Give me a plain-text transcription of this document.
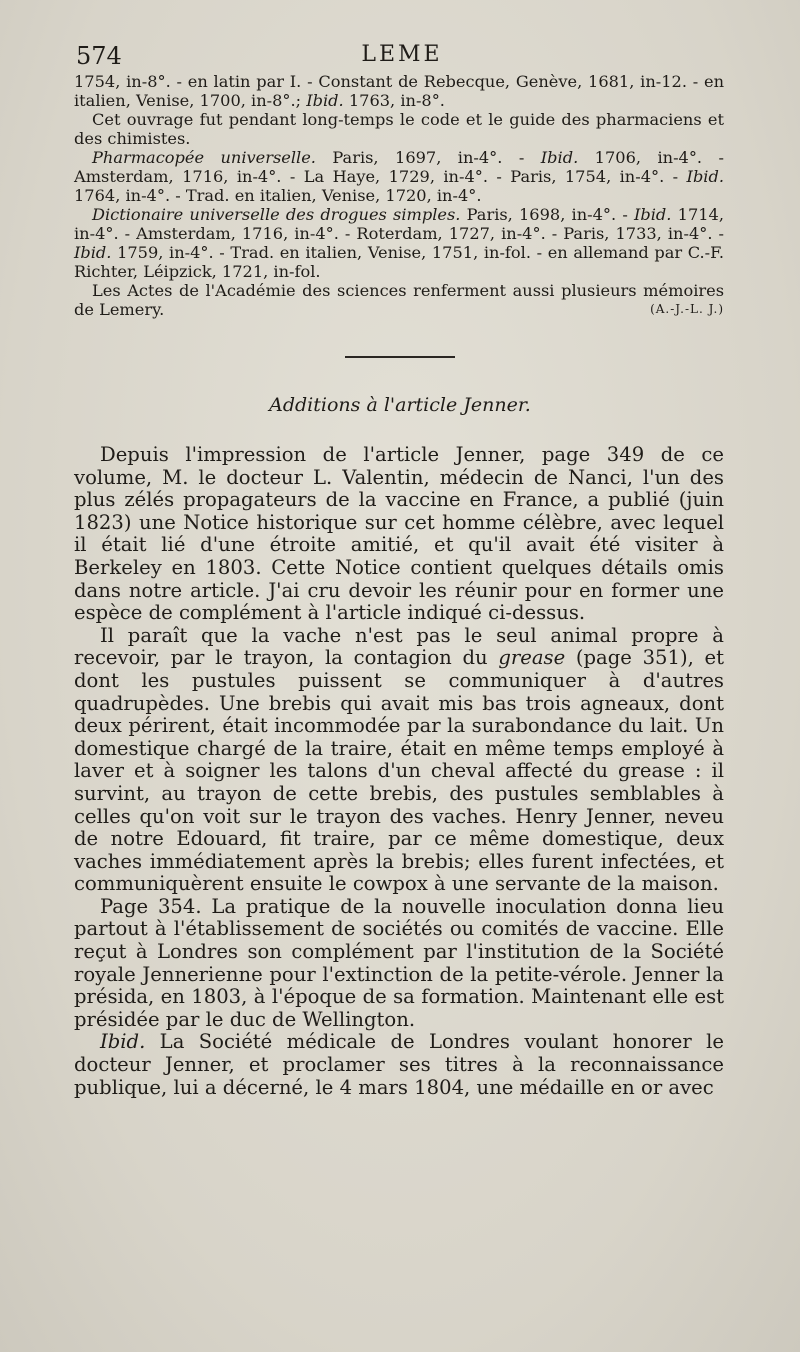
574	LEME

1754, in-8°. - en latin par I. - Constant de Rebecque, Genève, 1681, in-12. - en italien, Venise, 1700, in-8°.; Ibid. 1763, in-8°.

Cet ouvrage fut pendant long-temps le code et le guide des pharmaciens et des chimistes.

Pharmacopée universelle. Paris, 1697, in-4°. - Ibid. 1706, in-4°. - Amsterdam, 1716, in-4°. - La Haye, 1729, in-4°. - Paris, 1754, in-4°. - Ibid. 1764, in-4°. - Trad. en italien, Venise, 1720, in-4°.

Dictionaire universelle des drogues simples. Paris, 1698, in-4°. - Ibid. 1714, in-4°. - Amsterdam, 1716, in-4°. - Roterdam, 1727, in-4°. - Paris, 1733, in-4°. - Ibid. 1759, in-4°. - Trad. en italien, Venise, 1751, in-fol. - en allemand par C.-F. Richter, Léipzick, 1721, in-fol.

Les Actes de l'Académie des sciences renferment aussi plusieurs mémoires de Lemery.	(A.-J.-L. J.)

Additions à l'article Jenner.

Depuis l'impression de l'article Jenner, page 349 de ce volume, M. le docteur L. Valentin, médecin de Nanci, l'un des plus zélés propagateurs de la vaccine en France, a publié (juin 1823) une Notice historique sur cet homme célèbre, avec lequel il était lié d'une étroite amitié, et qu'il avait été visiter à Berkeley en 1803. Cette Notice contient quelques détails omis dans notre article. J'ai cru devoir les réunir pour en former une espèce de complément à l'article indiqué ci-dessus.

Il paraît que la vache n'est pas le seul animal propre à recevoir, par le trayon, la contagion du grease (page 351), et dont les pustules puissent se communiquer à d'autres quadrupèdes. Une brebis qui avait mis bas trois agneaux, dont deux périrent, était incommodée par la surabondance du lait. Un domestique chargé de la traire, était en même temps employé à laver et à soigner les talons d'un cheval affecté du grease : il survint, au trayon de cette brebis, des pustules semblables à celles qu'on voit sur le trayon des vaches. Henry Jenner, neveu de notre Edouard, fit traire, par ce même domestique, deux vaches immédiatement après la brebis; elles furent infectées, et communiquèrent ensuite le cowpox à une servante de la maison.

Page 354. La pratique de la nouvelle inoculation donna lieu partout à l'établissement de sociétés ou comités de vaccine. Elle reçut à Londres son complément par l'institution de la Société royale Jennerienne pour l'extinction de la petite-vérole. Jenner la présida, en 1803, à l'époque de sa formation. Maintenant elle est présidée par le duc de Wellington.

Ibid. La Société médicale de Londres voulant honorer le docteur Jenner, et proclamer ses titres à la reconnaissance publique, lui a décerné, le 4 mars 1804, une médaille en or avec
